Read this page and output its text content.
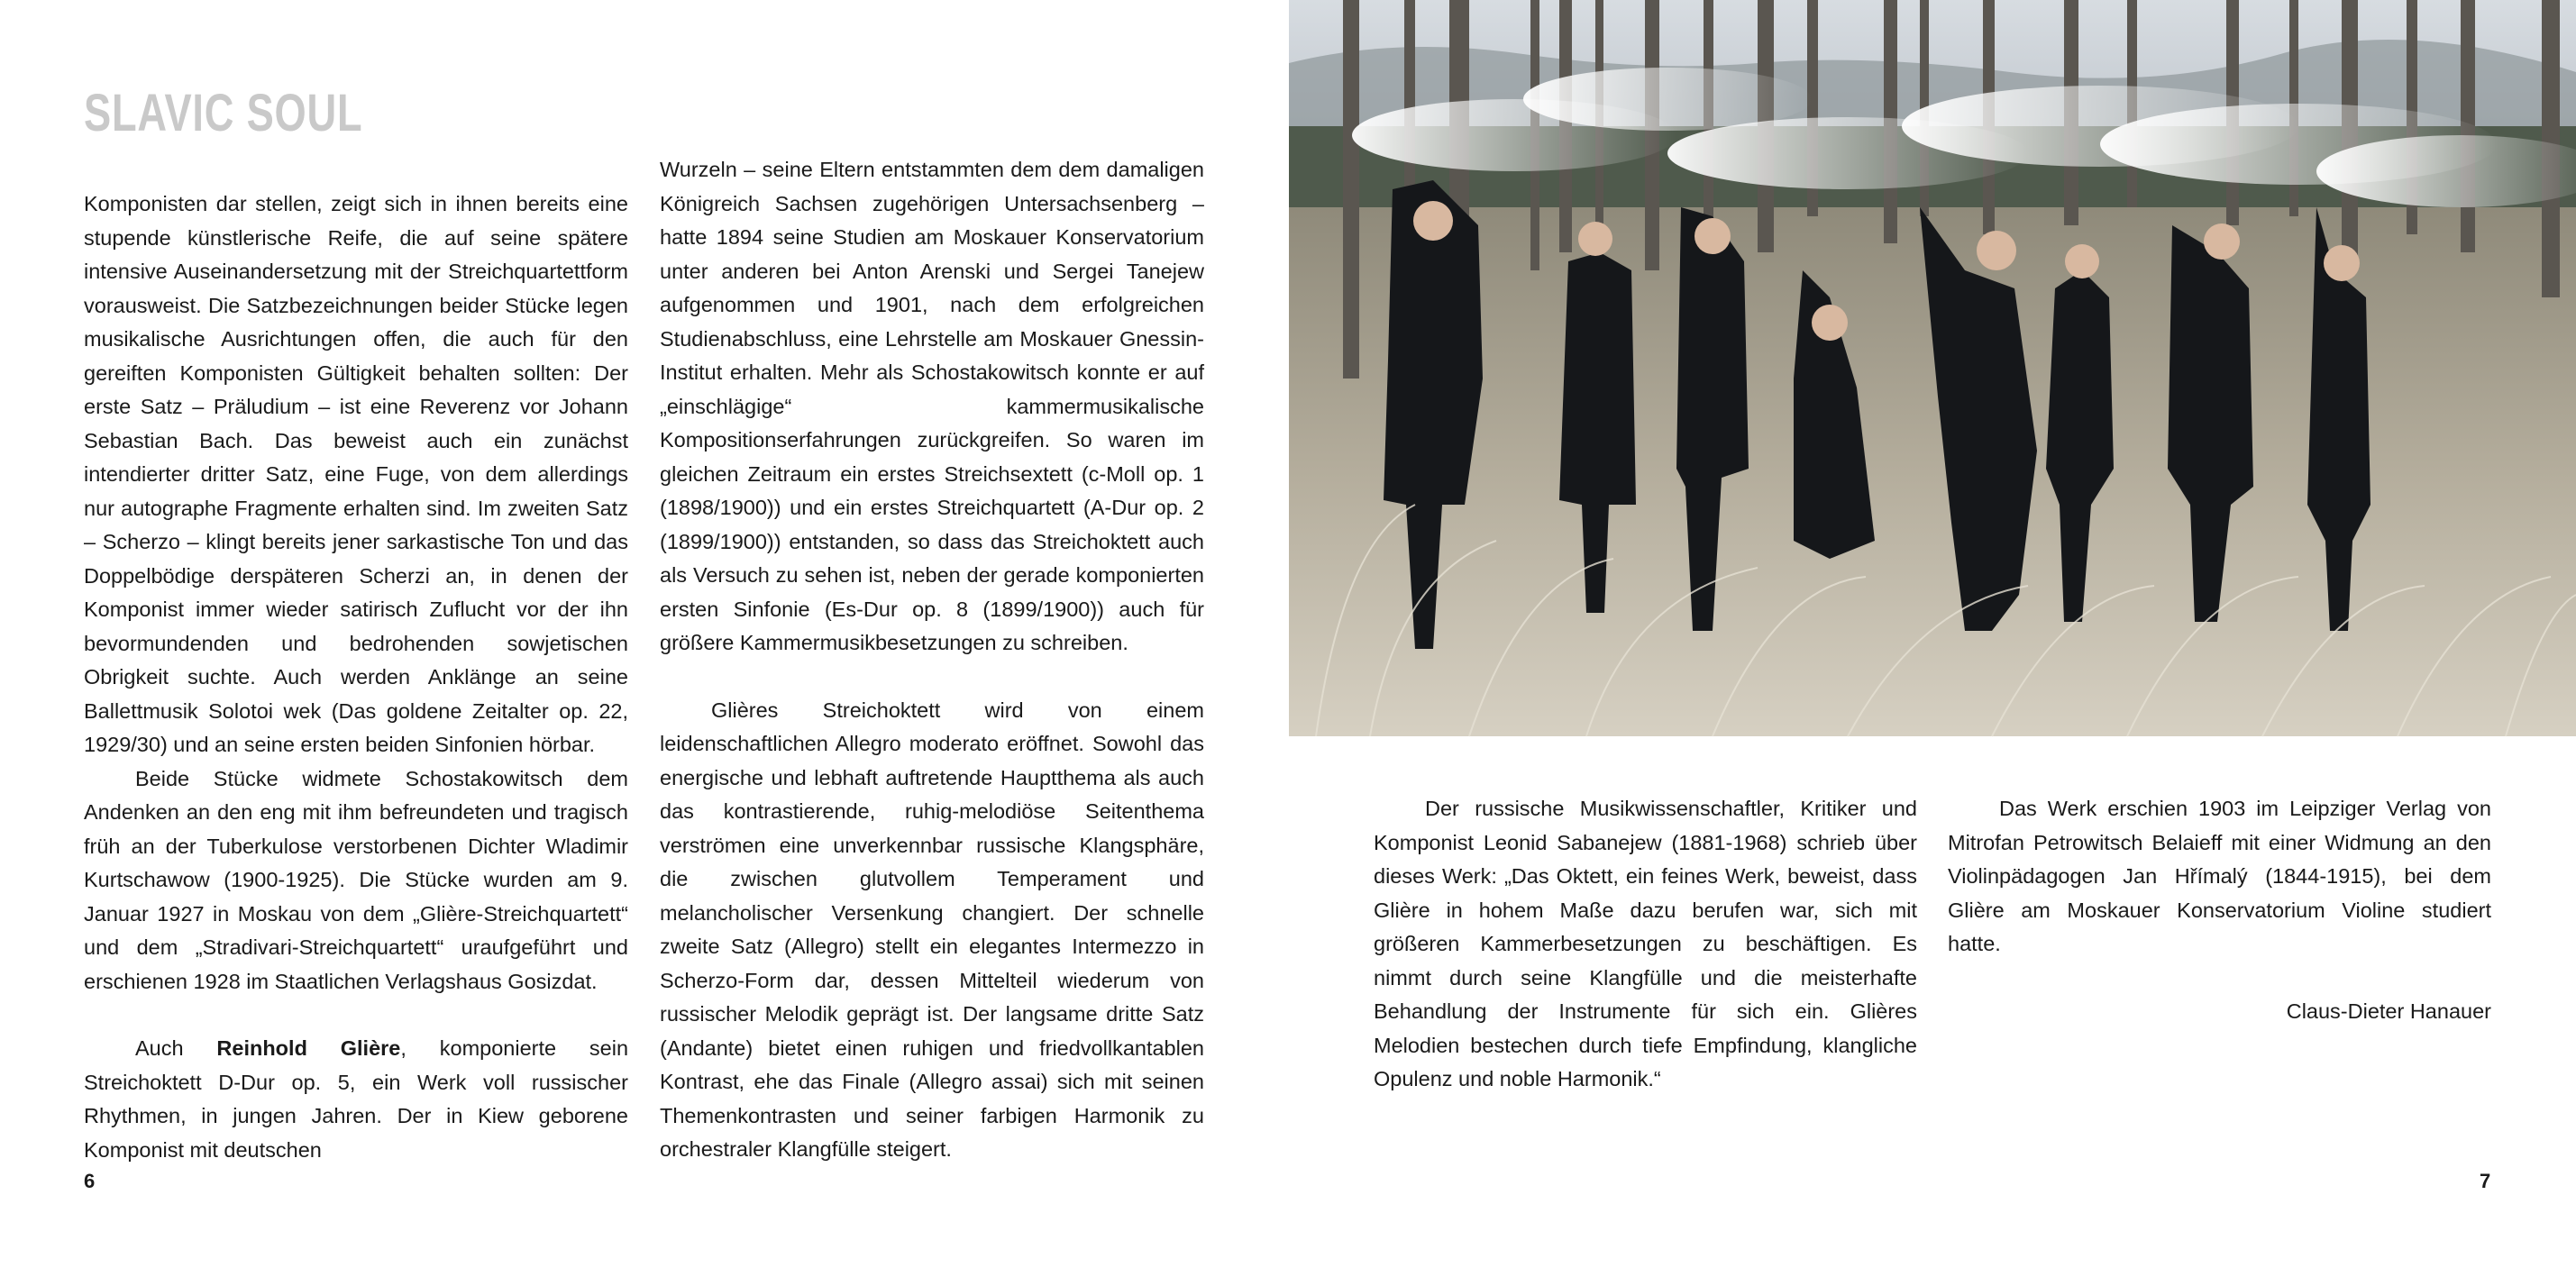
SLAVIC SOUL

Komponisten dar stellen, zeigt sich in ihnen bereits eine stupende künstlerische Reife, die auf seine spätere intensive Auseinandersetzung mit der Streichquartettform vorausweist. Die Satzbezeichnungen beider Stücke legen musikalische Ausrichtungen offen, die auch für den gereiften Komponisten Gültigkeit behalten sollten: Der erste Satz – Präludium – ist eine Reverenz vor Johann Sebastian Bach. Das beweist auch ein zunächst intendierter dritter Satz, eine Fuge, von dem allerdings nur autographe Fragmente erhalten sind. Im zweiten Satz – Scherzo – klingt bereits jener sarkastische Ton und das Doppelbödige derspäteren Scherzi an, in denen der Komponist immer wieder satirisch Zuflucht vor der ihn bevormundenden und bedrohenden sowjetischen Obrigkeit suchte. Auch werden Anklänge an seine Ballettmusik Solotoi wek (Das goldene Zeitalter op. 22, 1929/30) und an seine ersten beiden Sinfonien hörbar.

Beide Stücke widmete Schostakowitsch dem Andenken an den eng mit ihm befreundeten und tragisch früh an der Tuberkulose verstorbenen Dichter Wladimir Kurtschawow (1900-1925). Die Stücke wurden am 9. Januar 1927 in Moskau von dem „Glière-Streichquartett“ und dem „Stradivari-Streichquartett“ uraufgeführt und erschienen 1928 im Staatlichen Verlagshaus Gosizdat.

Auch Reinhold Glière, komponierte sein Streichoktett D-Dur op. 5, ein Werk voll russischer Rhythmen, in jungen Jahren. Der in Kiew geborene Komponist mit deutschen

Wurzeln – seine Eltern entstammten dem dem damaligen Königreich Sachsen zugehörigen Untersachsenberg – hatte 1894 seine Studien am Moskauer Konservatorium unter anderen bei Anton Arenski und Sergei Tanejew aufgenommen und 1901, nach dem erfolgreichen Studienabschluss, eine Lehrstelle am Moskauer Gnessin- Institut erhalten. Mehr als Schostakowitsch konnte er auf „einschlägige“ kammermusikalische Kompositionserfahrungen zurückgreifen. So waren im gleichen Zeitraum ein erstes Streichsextett (c-Moll op. 1 (1898/1900)) und ein erstes Streichquartett (A-Dur op. 2 (1899/1900)) entstanden, so dass das Streichoktett auch als Versuch zu sehen ist, neben der gerade komponierten ersten Sinfonie (Es-Dur op. 8 (1899/1900)) auch für größere Kammermusikbesetzungen zu schreiben.

Glières Streichoktett wird von einem leidenschaftlichen Allegro moderato eröffnet. Sowohl das energische und lebhaft auftretende Hauptthema als auch das kontrastierende, ruhig-melodiöse Seitenthema verströmen eine unverkennbar russische Klangsphäre, die zwischen glutvollem Temperament und melancholischer Versenkung changiert. Der schnelle zweite Satz (Allegro) stellt ein elegantes Intermezzo in Scherzo-Form dar, dessen Mittelteil wiederum von russischer Melodik geprägt ist. Der langsame dritte Satz (Andante) bietet einen ruhigen und friedvollkantablen Kontrast, ehe das Finale (Allegro assai) sich mit seinen Themenkontrasten und seiner farbigen Harmonik zu orchestraler Klangfülle steigert.

6

Der russische Musikwissenschaftler, Kritiker und Komponist Leonid Sabanejew (1881-1968) schrieb über dieses Werk: „Das Oktett, ein feines Werk, beweist, dass Glière in hohem Maße dazu berufen war, sich mit größeren Kammerbesetzungen zu beschäftigen. Es nimmt durch seine Klangfülle und die meisterhafte Behandlung der Instrumente für sich ein. Glières Melodien bestechen durch tiefe Empfindung, klangliche Opulenz und noble Harmonik.“

Das Werk erschien 1903 im Leipziger Verlag von Mitrofan Petrowitsch Belaieff mit einer Widmung an den Violinpädagogen Jan Hřímalý (1844-1915), bei dem Glière am Moskauer Konservatorium Violine studiert hatte.

Claus-Dieter Hanauer

7
